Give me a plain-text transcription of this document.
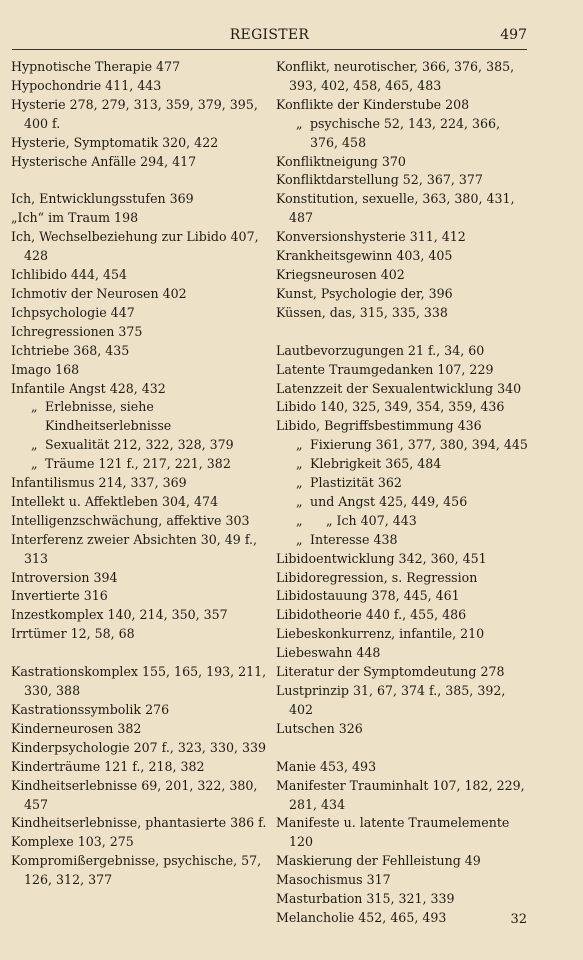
REGISTER	497
Hypnotische Therapie 477
Hypochondrie 411, 443
Hysterie 278, 279, 313, 359, 379, 395, 400 f.
Hysterie, Symptomatik 320, 422
Hysterische Anfälle 294, 417
Ich, Entwicklungsstufen 369
„Ich“ im Traum 198
Ich, Wechselbeziehung zur Libido 407, 428
Ichlibido 444, 454
Ichmotiv der Neurosen 402
Ichpsychologie 447
Ichregressionen 375
Ichtriebe 368, 435
Imago 168
Infantile Angst 428, 432
„ Erlebnisse, siehe Kindheitserlebnisse
„ Sexualität 212, 322, 328, 379
„ Träume 121 f., 217, 221, 382
Infantilismus 214, 337, 369
Intellekt u. Affektleben 304, 474
Intelligenzschwächung, affektive 303
Interferenz zweier Absichten 30, 49 f., 313
Introversion 394
Invertierte 316
Inzestkomplex 140, 214, 350, 357
Irrtümer 12, 58, 68
Kastrationskomplex 155, 165, 193, 211, 330, 388
Kastrationssymbolik 276
Kinderneurosen 382
Kinderpsychologie 207 f., 323, 330, 339
Kinderträume 121 f., 218, 382
Kindheitserlebnisse 69, 201, 322, 380, 457
Kindheitserlebnisse, phantasierte 386 f.
Komplexe 103, 275
Kompromißergebnisse, psychische, 57, 126, 312, 377
Konflikt, neurotischer, 366, 376, 385, 393, 402, 458, 465, 483
Konflikte der Kinderstube 208
„ psychische 52, 143, 224, 366, 376, 458
Konfliktneigung 370
Konfliktdarstellung 52, 367, 377
Konstitution, sexuelle, 363, 380, 431, 487
Konversionshysterie 311, 412
Krankheitsgewinn 403, 405
Kriegsneurosen 402
Kunst, Psychologie der, 396
Küssen, das, 315, 335, 338
Lautbevorzugungen 21 f., 34, 60
Latente Traumgedanken 107, 229
Latenzzeit der Sexualentwicklung 340
Libido 140, 325, 349, 354, 359, 436
Libido, Begriffsbestimmung 436
„ Fixierung 361, 377, 380, 394, 445
„ Klebrigkeit 365, 484
„ Plastizität 362
„ und Angst 425, 449, 456
„ „ Ich 407, 443
„ Interesse 438
Libidoentwicklung 342, 360, 451
Libidoregression, s. Regression
Libidostauung 378, 445, 461
Libidotheorie 440 f., 455, 486
Liebeskonkurrenz, infantile, 210
Liebeswahn 448
Literatur der Symptomdeutung 278
Lustprinzip 31, 67, 374 f., 385, 392, 402
Lutschen 326
Manie 453, 493
Manifester Trauminhalt 107, 182, 229, 281, 434
Manifeste u. latente Traumelemente 120
Maskierung der Fehlleistung 49
Masochismus 317
Masturbation 315, 321, 339
Melancholie 452, 465, 493	32
